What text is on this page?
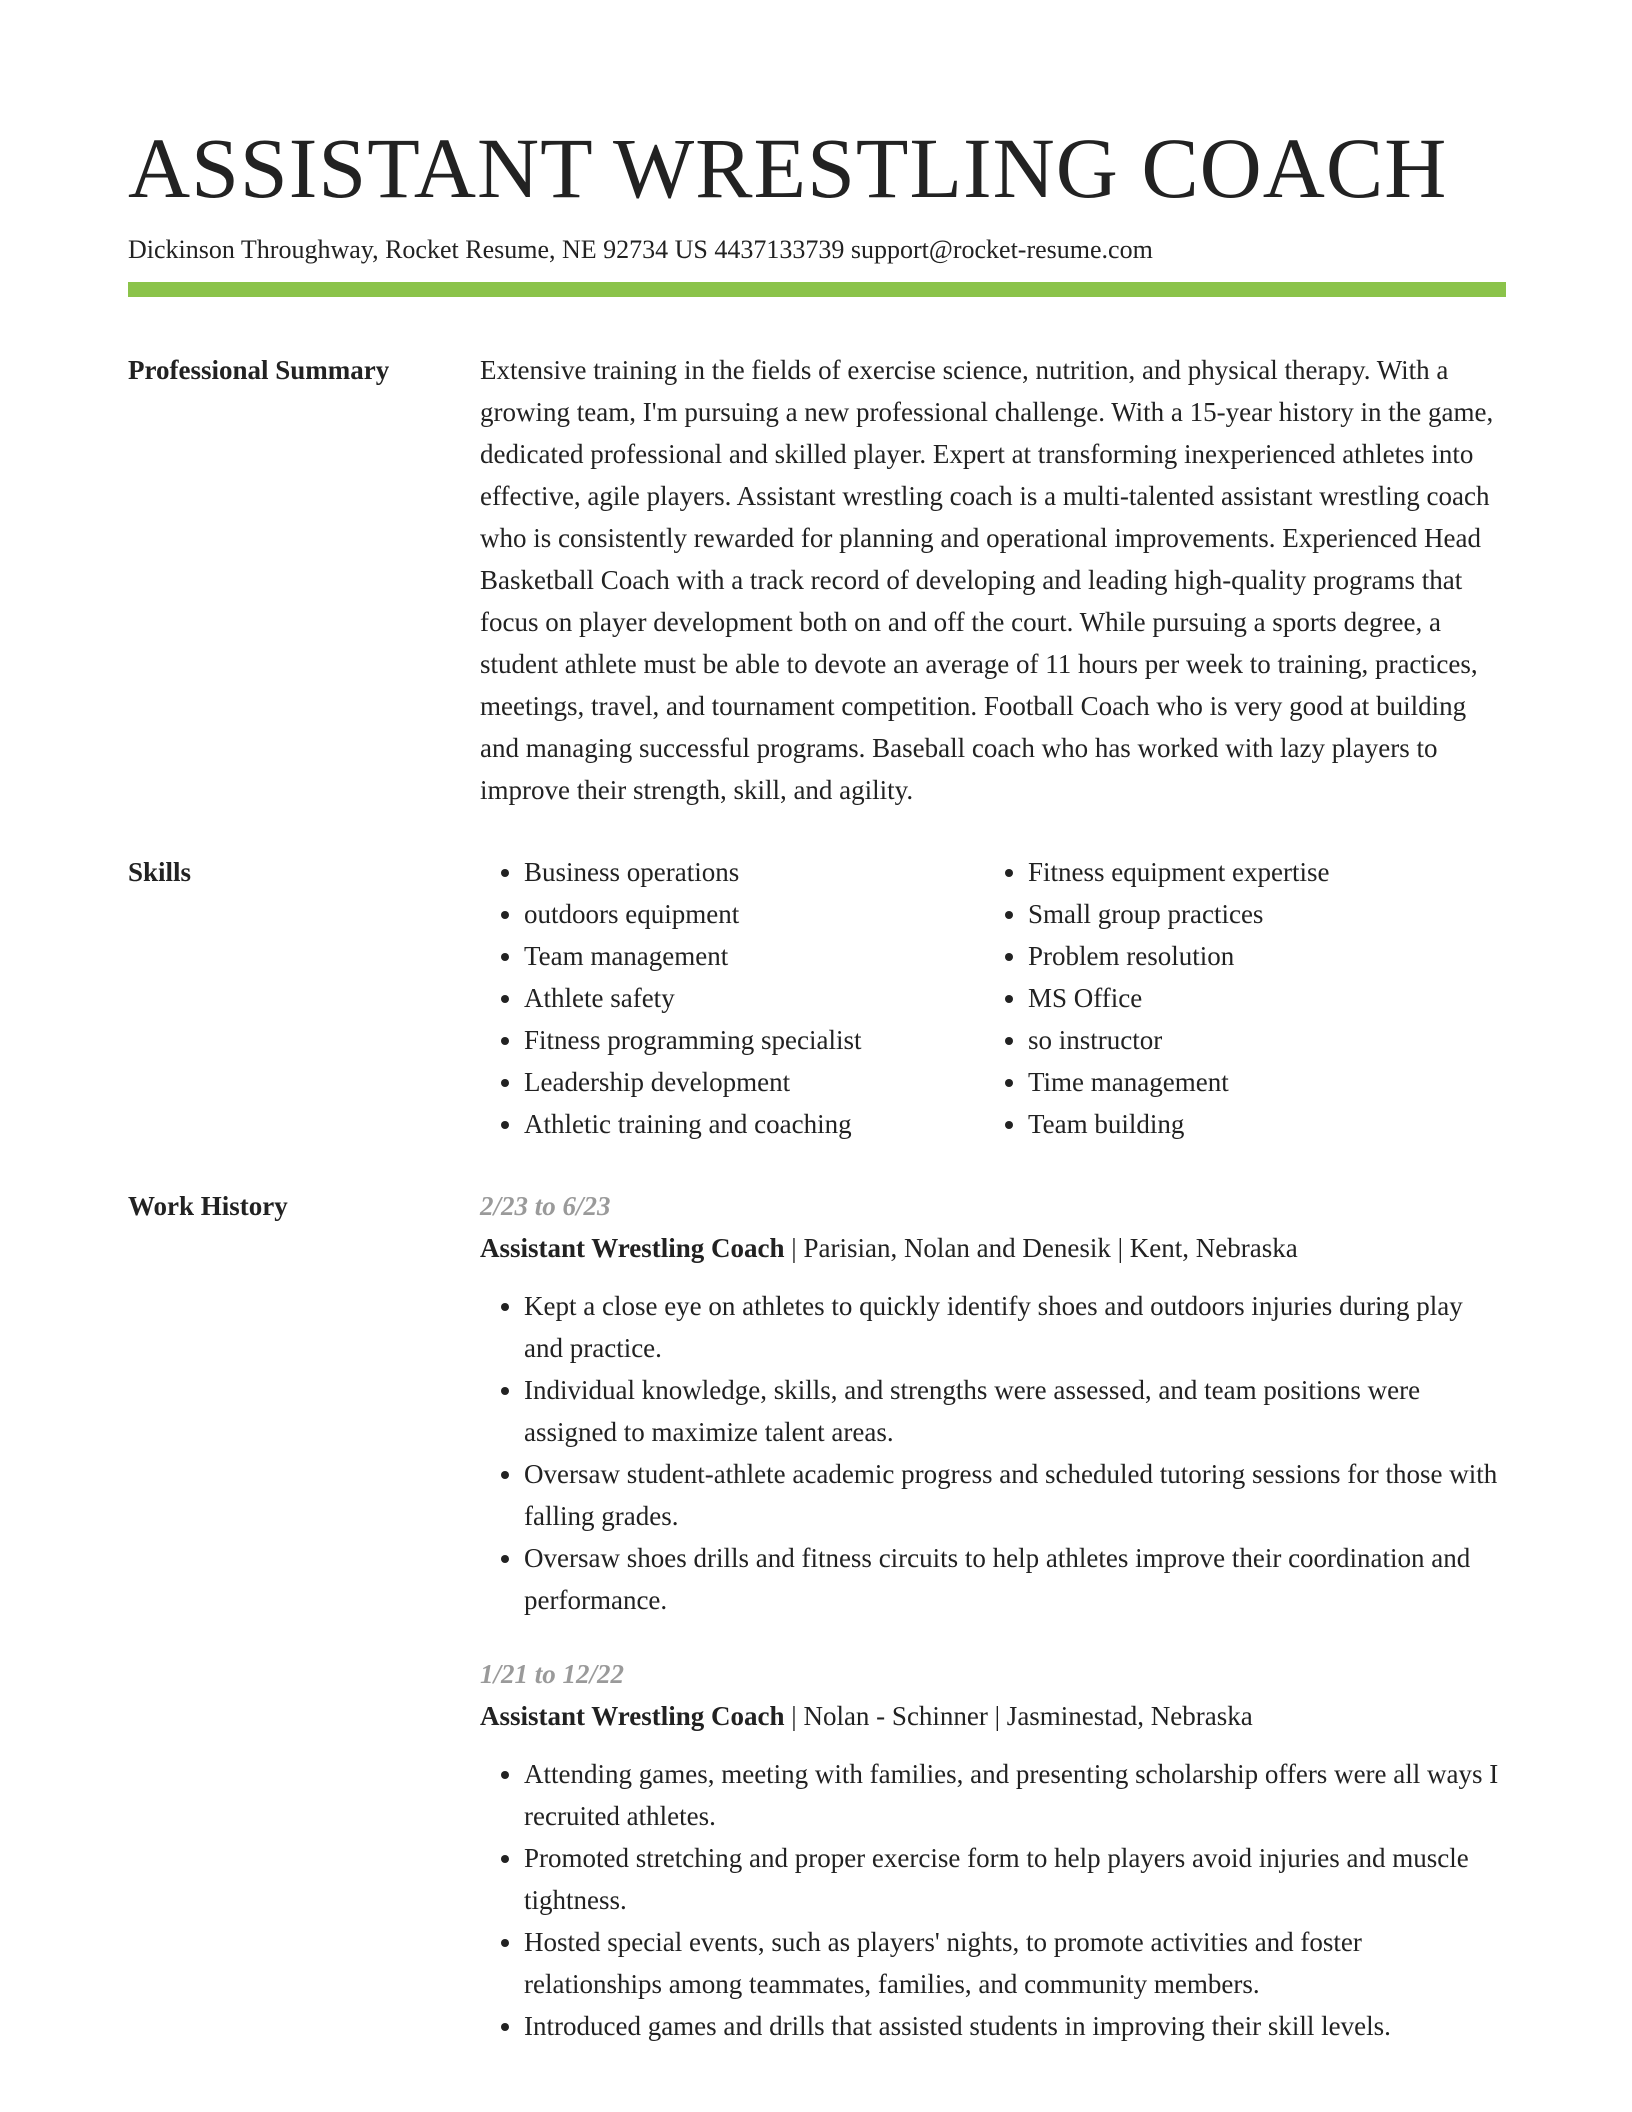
ASSISTANT WRESTLING COACH
Dickinson Throughway, Rocket Resume, NE 92734 US 4437133739 support@rocket-resume.com
Professional Summary	Extensive training in the fields of exercise science, nutrition, and physical therapy. With a growing team, I'm pursuing a new professional challenge. With a 15-year history in the game, dedicated professional and skilled player. Expert at transforming inexperienced athletes into effective, agile players. Assistant wrestling coach is a multi-talented assistant wrestling coach who is consistently rewarded for planning and operational improvements. Experienced Head Basketball Coach with a track record of developing and leading high-quality programs that focus on player development both on and off the court. While pursuing a sports degree, a student athlete must be able to devote an average of 11 hours per week to training, practices, meetings, travel, and tournament competition. Football Coach who is very good at building and managing successful programs. Baseball coach who has worked with lazy players to improve their strength, skill, and agility.

Skills
•	Business operations
• outdoors equipment
• Team management
• Athlete safety
• Fitness programming specialist
• Leadership development
• Athletic training and coaching
• Fitness equipment expertise
• Small group practices
• Problem resolution
• MS Office
• so instructor
• Time management
• Team building
Work History	2/23 to 6/23
Assistant Wrestling Coach | Parisian, Nolan and Denesik | Kent, Nebraska
• Kept a close eye on athletes to quickly identify shoes and outdoors injuries during play and practice.
• Individual knowledge, skills, and strengths were assessed, and team positions were assigned to maximize talent areas.
• Oversaw student-athlete academic progress and scheduled tutoring sessions for those with falling grades.
• Oversaw shoes drills and fitness circuits to help athletes improve their coordination and performance.
1/21 to 12/22
Assistant Wrestling Coach | Nolan - Schinner | Jasminestad, Nebraska
• Attending games, meeting with families, and presenting scholarship offers were all ways I recruited athletes.
• Promoted stretching and proper exercise form to help players avoid injuries and muscle tightness.
• Hosted special events, such as players' nights, to promote activities and foster relationships among teammates, families, and community members.
• Introduced games and drills that assisted students in improving their skill levels.
